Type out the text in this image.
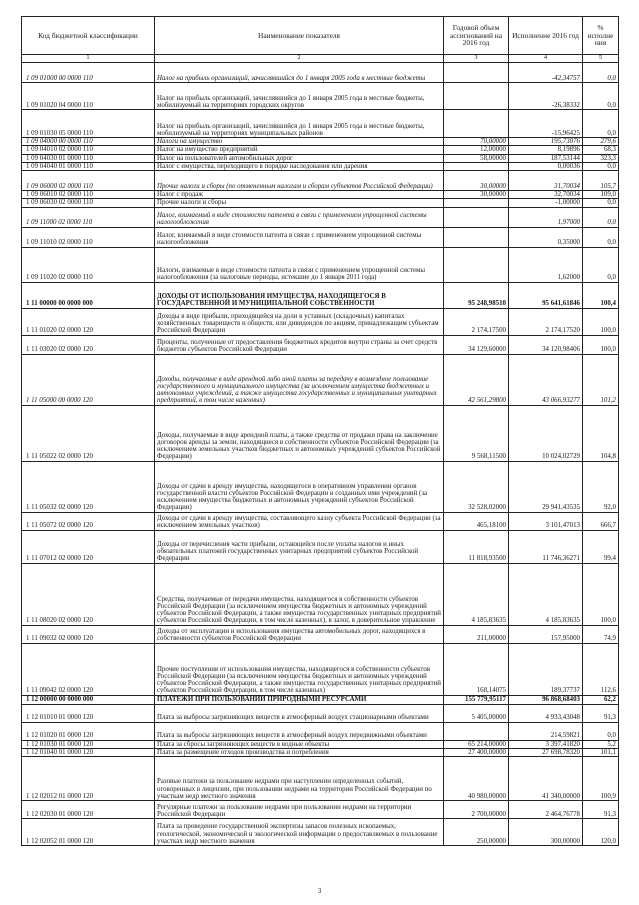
Код бюджетной классификации	Наименование показателя	Годовой объем ассигнований на 2016 год	Исполнение 2016 год	% исполне ния
1	2	3	4	5
1 09 01000 00 0000 110	Налог на прибыль организаций, зачислявшийся до 1 января 2005 года в местные бюджеты		-42,34757	0,0
1 09 01020 04 0000 110	Налог на прибыль организаций, зачислявшийся до 1 января 2005 года в местные бюджеты, мобилизуемый на территориях городских округов		-26,38332	0,0
1 09 01030 05 0000 110	Налог на прибыль организаций, зачислявшийся до 1 января 2005 года в местные бюджеты, мобилизуемый на территориях муниципальных районов		-15,96425	0,0
1 09 04000 00 0000 110	Налоги на имущество	70,00000	195,73076	279,6
1 09 04010 02 0000 110	Налог на имущество предприятий	12,00000	8,19896	68,3
1 09 04030 01 0000 110	Налог на пользователей автомобильных дорог	58,00000	187,53144	323,3
1 09 04040 01 0000 110	Налог с имущества, переходящего в порядке наследования или дарения		0,00036	0,0
1 09 06000 02 0000 110	Прочие налоги и сборы (по отмененным налогам и сборам субъектов Российской Федерации)	30,00000	31,70034	105,7
1 09 06010 02 0000 110	Налог с продаж	30,00000	32,70034	109,0
1 09 06030 02 0000 110	Прочие налоги и сборы		-1,00000	0,0
1 09 11000 02 0000 110	Налог, взимаемый в виде стоимости патента в связи с применением упрощенной системы налогообложения		1,97000	0,0
1 09 11010 02 0000 110	Налог, взимаемый в виде стоимости патента в связи с применением упрощенной системы налогообложения		0,35000	0,0
1 09 11020 02 0000 110	Налоги, взимаемые в виде стоимости патента в связи с применением упрощенной системы налогообложения (за налоговые периоды, истекшие до 1 января 2011 года)		1,62000	0,0
1 11 00000 00 0000 000	ДОХОДЫ ОТ ИСПОЛЬЗОВАНИЯ ИМУЩЕСТВА, НАХОДЯЩЕГОСЯ В ГОСУДАРСТВЕННОЙ И МУНИЦИПАЛЬНОЙ СОБСТВЕННОСТИ	95 248,98510	95 641,61846	100,4
1 11 01020 02 0000 120	Доходы в виде прибыли, приходящейся на доли в уставных (складочных) капиталах хозяйственных товариществ и обществ, или дивидендов по акциям, принадлежащим субъектам Российской Федерации	2 174,17500	2 174,17520	100,0
1 11 03020 02 0000 120	Проценты, полученные от предоставления бюджетных кредитов внутри страны за счет средств бюджетов субъектов Российской Федерации	34 129,60000	34 120,98406	100,0
1 11 05000 00 0000 120	Доходы, получаемые в виде арендной либо иной платы за передачу в возмездное пользование государственного и муниципального имущества (за исключением имущества бюджетных и автономных учреждений, а также имущества государственных и муниципальных унитарных предприятий, в том числе казенных)	42 561,29800	43 066,93277	101,2
1 11 05022 02 0000 120	Доходы, получаемые в виде арендной платы, а также средства от продажи права на заключение договоров аренды за земли, находящиеся в собственности субъектов Российской Федерации (за исключением земельных участков бюджетных и автономных учреждений субъектов Российской Федерации)	9 568,11500	10 024,02729	104,8
1 11 05032 02 0000 120	Доходы от сдачи в аренду имущества, находящегося в оперативном управлении органов государственной власти субъектов Российской Федерации и созданных ими учреждений (за исключением имущества бюджетных и автономных учреждений субъектов Российской Федерации)	32 528,02000	29 941,43535	92,0
1 11 05072 02 0000 120	Доходы от сдачи в аренду имущества, составляющего казну субъекта Российской Федерации (за исключением земельных участков)	465,18100	3 101,47013	666,7
1 11 07012 02 0000 120	Доходы от перечисления части прибыли, остающейся после уплаты налогов и иных обязательных платежей государственных унитарных предприятий субъектов Российской Федерации	11 818,93500	11 746,36271	99,4
1 11 08020 02 0000 120	Средства, получаемые от передачи имущества, находящегося в собственности субъектов Российской Федерации (за исключением имущества бюджетных и автономных учреждений субъектов Российской Федерации, а также имущества государственных унитарных предприятий субъектов Российской Федерации, в том числе казенных), в залог, в доверительное управление	4 185,83635	4 185,83635	100,0
1 11 09032 02 0000 120	Доходы от эксплуатации и использования имущества автомобильных дорог, находящихся в собственности субъектов Российской Федерации	211,00000	157,95000	74,9
1 11 09042 02 0000 120	Прочие поступления от использования имущества, находящегося в собственности субъектов Российской Федерации (за исключением имущества бюджетных и автономных учреждений субъектов Российской Федерации, а также имущества государственных унитарных предприятий субъектов Российской Федерации, в том числе казенных)	168,14075	189,37737	112,6
1 12 00000 00 0000 000	ПЛАТЕЖИ ПРИ ПОЛЬЗОВАНИИ ПРИРОДНЫМИ РЕСУРСАМИ	155 779,95117	96 868,68403	62,2
1 12 01010 01 0000 120	Плата за выбросы загрязняющих веществ в атмосферный воздух стационарными объектами	5 405,00000	4 933,43048	91,3
1 12 01020 01 0000 120	Плата за выбросы загрязняющих веществ в атмосферный воздух передвижными объектами		214,59821	0,0
1 12 01030 01 0000 120	Плата за сбросы загрязняющих веществ в водные объекты	65 214,00000	3 397,41820	5,2
1 12 01040 01 0000 120	Плата за размещение отходов производства и потребления	27 400,00000	27 698,78320	101,1
1 12 02012 01 0000 120	Разовые платежи за пользование недрами при наступлении определенных событий, оговоренных в лицензии, при пользовании недрами на территории Российской Федерации по участкам недр местного значения	40 980,00000	41 340,00000	100,9
1 12 02030 01 0000 120	Регулярные платежи за пользование недрами при пользовании недрами на территории Российской Федерации	2 700,00000	2 464,76778	91,3
1 12 02052 01 0000 120	Плата за проведение государственной экспертизы запасов полезных ископаемых, геологической, экономической и экологической информации о предоставляемых в пользование участках недр местного значения	250,00000	300,00000	120,0
3
